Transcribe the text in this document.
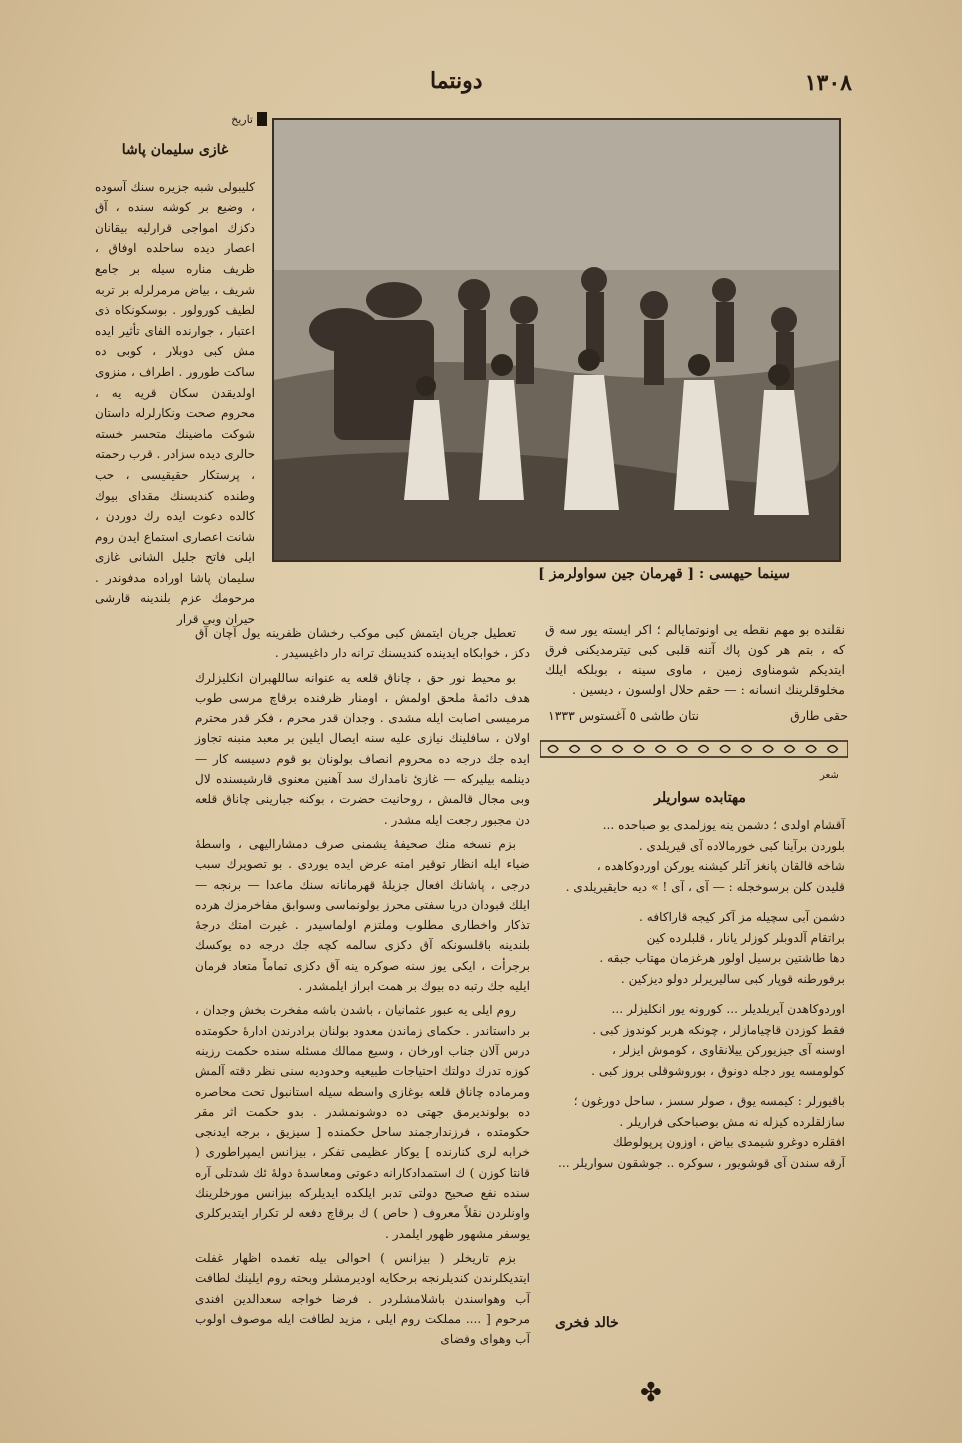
١٣٠٨
دونتما
تاریخ
سینما حیهسی : [ قهرمان جین سواولرمز ]
غازی سلیمان پاشا

کلیبولی شبه جزیره سنك آسوده ، وضیع بر کوشه سنده ، آق دکزك امواجی قرارلیه بیقانان اعصار دیده ساحلده اوفاق ، ظریف مناره سیله بر جامع شریف ، بیاض مرمرلرله بر تربه لطیف کورولور . بوسکونکاه ذی اعتبار ، جوارنده الفای تأثیر ایده مش کبی دوبلار ، کوبی ده ساکت طورور . اطراف ، منزوی اولدیقدن سکان قریه یه ، محروم صحت ونکارلرله داستان شوکت ماضینك متحسر خسته حالری دیده سزادر . قرب رحمته ، پرستکار حقیقیسی ، حب وطنده کندیسنك مقدای بیوك کالده دعوت ایده رك دوردن ، شانت اعصاری استماع ایدن روم ایلی فاتح جلیل الشانی غازی سلیمان پاشا اوراده مدفوندر . مرحومك عزم بلندینه قارشی حیران وبی قرار

نقلنده بو مهم نقطه یی اونوتمایالم ؛ اکر ایسته یور سه ق که ، بتم هر کون پاك آتنه قلبی کبی تیترمدیکنی فرق ایتدیکم شومناوی زمین ، ماوی سینه ، بوبلکه ایلك مخلوقلرینك انسانه : — حقم حلال اولسون ، دیسین .

حقی طارق
نتان طاشی ٥ آغستوس ١٣٣٣
شعر
مهتابده سواریلر
آقشام اولدی ؛ دشمن ینه یوزلمدی بو صباحده ...
بلوردن برآینا کبی خورمالاده آی قیریلدی .
شاخه قالقان پانغز آتلر کیشنه یورکن اوردوکاهده ،
قلیدن کلن برسوخجله : — آی ، آی ! » دیه حایقیریلدی .
دشمن آبی سچیله مز آکر کیجه قاراکافه .
براتقام آلدوبلر کوزلر یانار ، قلبلرده کین
دها طاشتین برسیل اولور هرغزمان مهتاب جبقه .
برفورطنه قوپار کبی سالیریرلر دولو دیزکین .
اوردوکاهدن آیریلدیلر ... کورونه یور انکلیزلر ...
فقط کوزدن قاچیامازلر ، چونکه هربر کوندوز کبی .
اوسنه آی جیزیورکن ییلانقاوی ، کوموش ایزلر ،
کولومسه یور دجله دونوق ، بوروشوقلی بروز کبی .
باقیورلر : کیمسه یوق ، صولر سسز ، ساحل دورغون ؛
سازلقلرده کیزله نه مش بوصباحکی فراریلر .
افقلره دوغرو شیمدی بیاض ، اوزون پرپولوطك
آرقه سندن آی قوشویور ، سوکره .. جوشقون سواریلر ...
خالد فخری
✤

تعطیل جریان ایتمش کبی موکب رخشان ظفرینه یول آچان آق دکز ، خوابکاه ایدینده کندیسنك ترانه دار داغیسیدر .

بو محیط نور حق ، چاناق قلعه یه عنوانه ساللهبران انکلیزلرك هدف دائمهٔ ملحق اولمش ، اومنار ظرفنده برقاچ مرسی طوب مرمیسی اصابت ایله مشدی . وجدان قدر محرم ، فکر قدر محترم اولان ، سافلینك نیازی علیه سنه ایصال ایلین بر معبد منبنه تجاوز ایده جك درجه ده محروم انصاف بولونان بو قوم دسیسه کار — دینلمه بیلیرکه — غازیٔ نامدارك سد آهنین معنوی قارشیسنده لال وبی مجال قالمش ، روحانیت حضرت ، بوکنه جبارینی چاناق قلعه دن مجبور رجعت ایله مشدر .

بزم نسخه منك صحیفهٔ یشمنی صرف دمشارالیهی ، واسطهٔ ضیاء ایله انظار توقیر امته عرض ایده یوردی . بو تصویرك سبب درجی ، پاشانك افعال جزیلهٔ قهرمانانه سنك ماعدا — برنجه — ایلك قبودان دریا سفتی محرز بولونماسی وسوابق مفاخرمزك هرده تذکار واخطاری مطلوب وملتزم اولماسیدر . غیرت امتك درجهٔ بلندینه باقلسونکه آق دکزی سالمه کچه جك درجه ده یوکسك برجرأت ، ایکی یوز سنه صوکره ینه آق دکزی تماماً متعاد فرمان ایلیه جك رتبه ده بیوك بر همت ابراز ایلمشدر .

روم ایلی یه عبور عثمانیان ، باشدن باشه مفخرت بخش وجدان ، بر داستاندر . حکمای زماندن معدود بولنان برادرندن ادارهٔ حکومتده درس آلان جناب اورخان ، وسیع ممالك مسئله سنده حکمت رزینه کوزه تدرك دولتك احتیاجات طبیعیه وحدودیه سنی نظر دقته آلمش ومرماده چاناق قلعه بوغازی واسطه سیله استانبول تحت محاصره ده بولوندیرمق جهتی ده دوشونمشدر . بدو حکمت اثر مقر حکومتده ، فرزندارجمند ساحل حکمنده [ سیزیق ، برجه ایدنجی خرابه لری کنارنده ] یوکار عظیمی تفکر ، بیزانس ایمپراطوری ( قانتا کوزن ) ك استمدادکارانه دعوتی ومعاسدهٔ دولهٔ ئك شدتلی آره سنده نفع صحیح دولتی تدبر ایلکده ایدیلرکه بیزانس مورخلرینك واونلردن نقلاً معروف ( حاص ) ك برقاچ دفعه لر تکرار ایتدیرکلری یوسفر مشهور ظهور ایلمدر .

بزم تاریخلر ( بیزانس ) احوالی بیله تغمده اظهار غفلت ایتدیکلرندن کندیلرنجه برحکایه اودیرمشلر وبحته روم ایلینك لطافت آب وهواسندن باشلامشلردر . فرضا خواجه سعدالدین افندی مرحوم [ .... مملکت روم ایلی ، مزید لطافت ایله موصوف اولوب آب وهوای وفضای
